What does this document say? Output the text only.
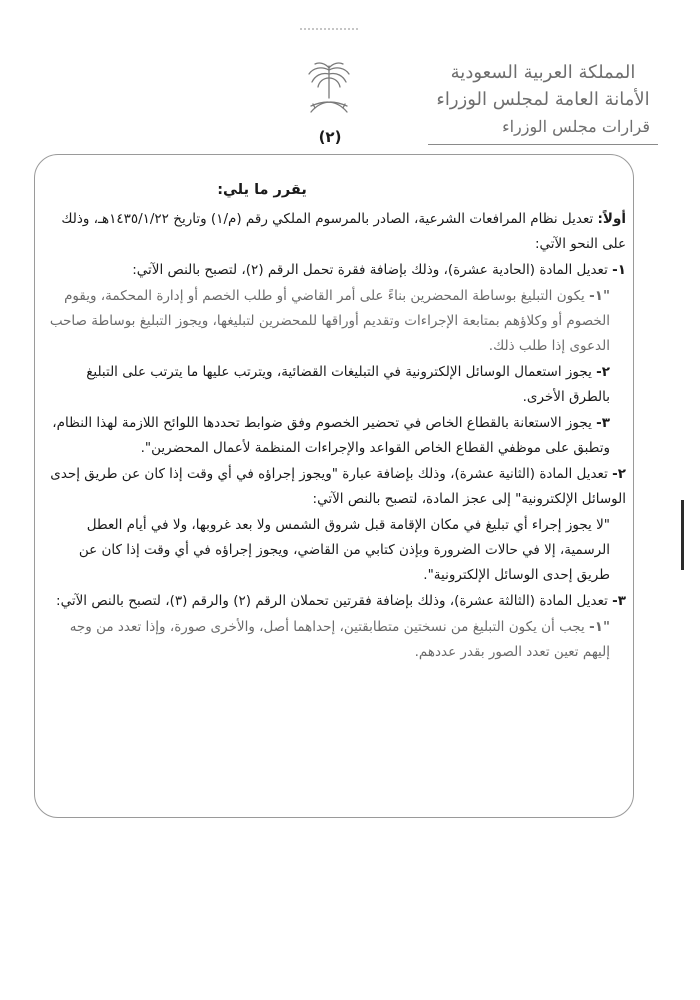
المملكة العربية السعودية
الأمانة العامة لمجلس الوزراء
قرارات مجلس الوزراء
(٢)

يقرر ما يلي:

أولاً: تعديل نظام المرافعات الشرعية، الصادر بالمرسوم الملكي رقم (م/١) وتاريخ ١٤٣٥/١/٢٢هـ، وذلك على النحو الآتي:

١- تعديل المادة (الحادية عشرة)، وذلك بإضافة فقرة تحمل الرقم (٢)، لتصبح بالنص الآتي:

"١- يكون التبليغ بوساطة المحضرين بناءً على أمر القاضي أو طلب الخصم أو إدارة المحكمة، ويقوم الخصوم أو وكلاؤهم بمتابعة الإجراءات وتقديم أوراقها للمحضرين لتبليغها، ويجوز التبليغ بوساطة صاحب الدعوى إذا طلب ذلك.

٢- يجوز استعمال الوسائل الإلكترونية في التبليغات القضائية، ويترتب عليها ما يترتب على التبليغ بالطرق الأخرى.

٣- يجوز الاستعانة بالقطاع الخاص في تحضير الخصوم وفق ضوابط تحددها اللوائح اللازمة لهذا النظام، وتطبق على موظفي القطاع الخاص القواعد والإجراءات المنظمة لأعمال المحضرين".

٢- تعديل المادة (الثانية عشرة)، وذلك بإضافة عبارة "ويجوز إجراؤه في أي وقت إذا كان عن طريق إحدى الوسائل الإلكترونية" إلى عجز المادة، لتصبح بالنص الآتي:

"لا يجوز إجراء أي تبليغ في مكان الإقامة قبل شروق الشمس ولا بعد غروبها، ولا في أيام العطل الرسمية، إلا في حالات الضرورة وبإذن كتابي من القاضي، ويجوز إجراؤه في أي وقت إذا كان عن طريق إحدى الوسائل الإلكترونية".

٣- تعديل المادة (الثالثة عشرة)، وذلك بإضافة فقرتين تحملان الرقم (٢) والرقم (٣)، لتصبح بالنص الآتي:

"١- يجب أن يكون التبليغ من نسختين متطابقتين، إحداهما أصل، والأخرى صورة، وإذا تعدد من وجه إليهم تعين تعدد الصور بقدر عددهم.
